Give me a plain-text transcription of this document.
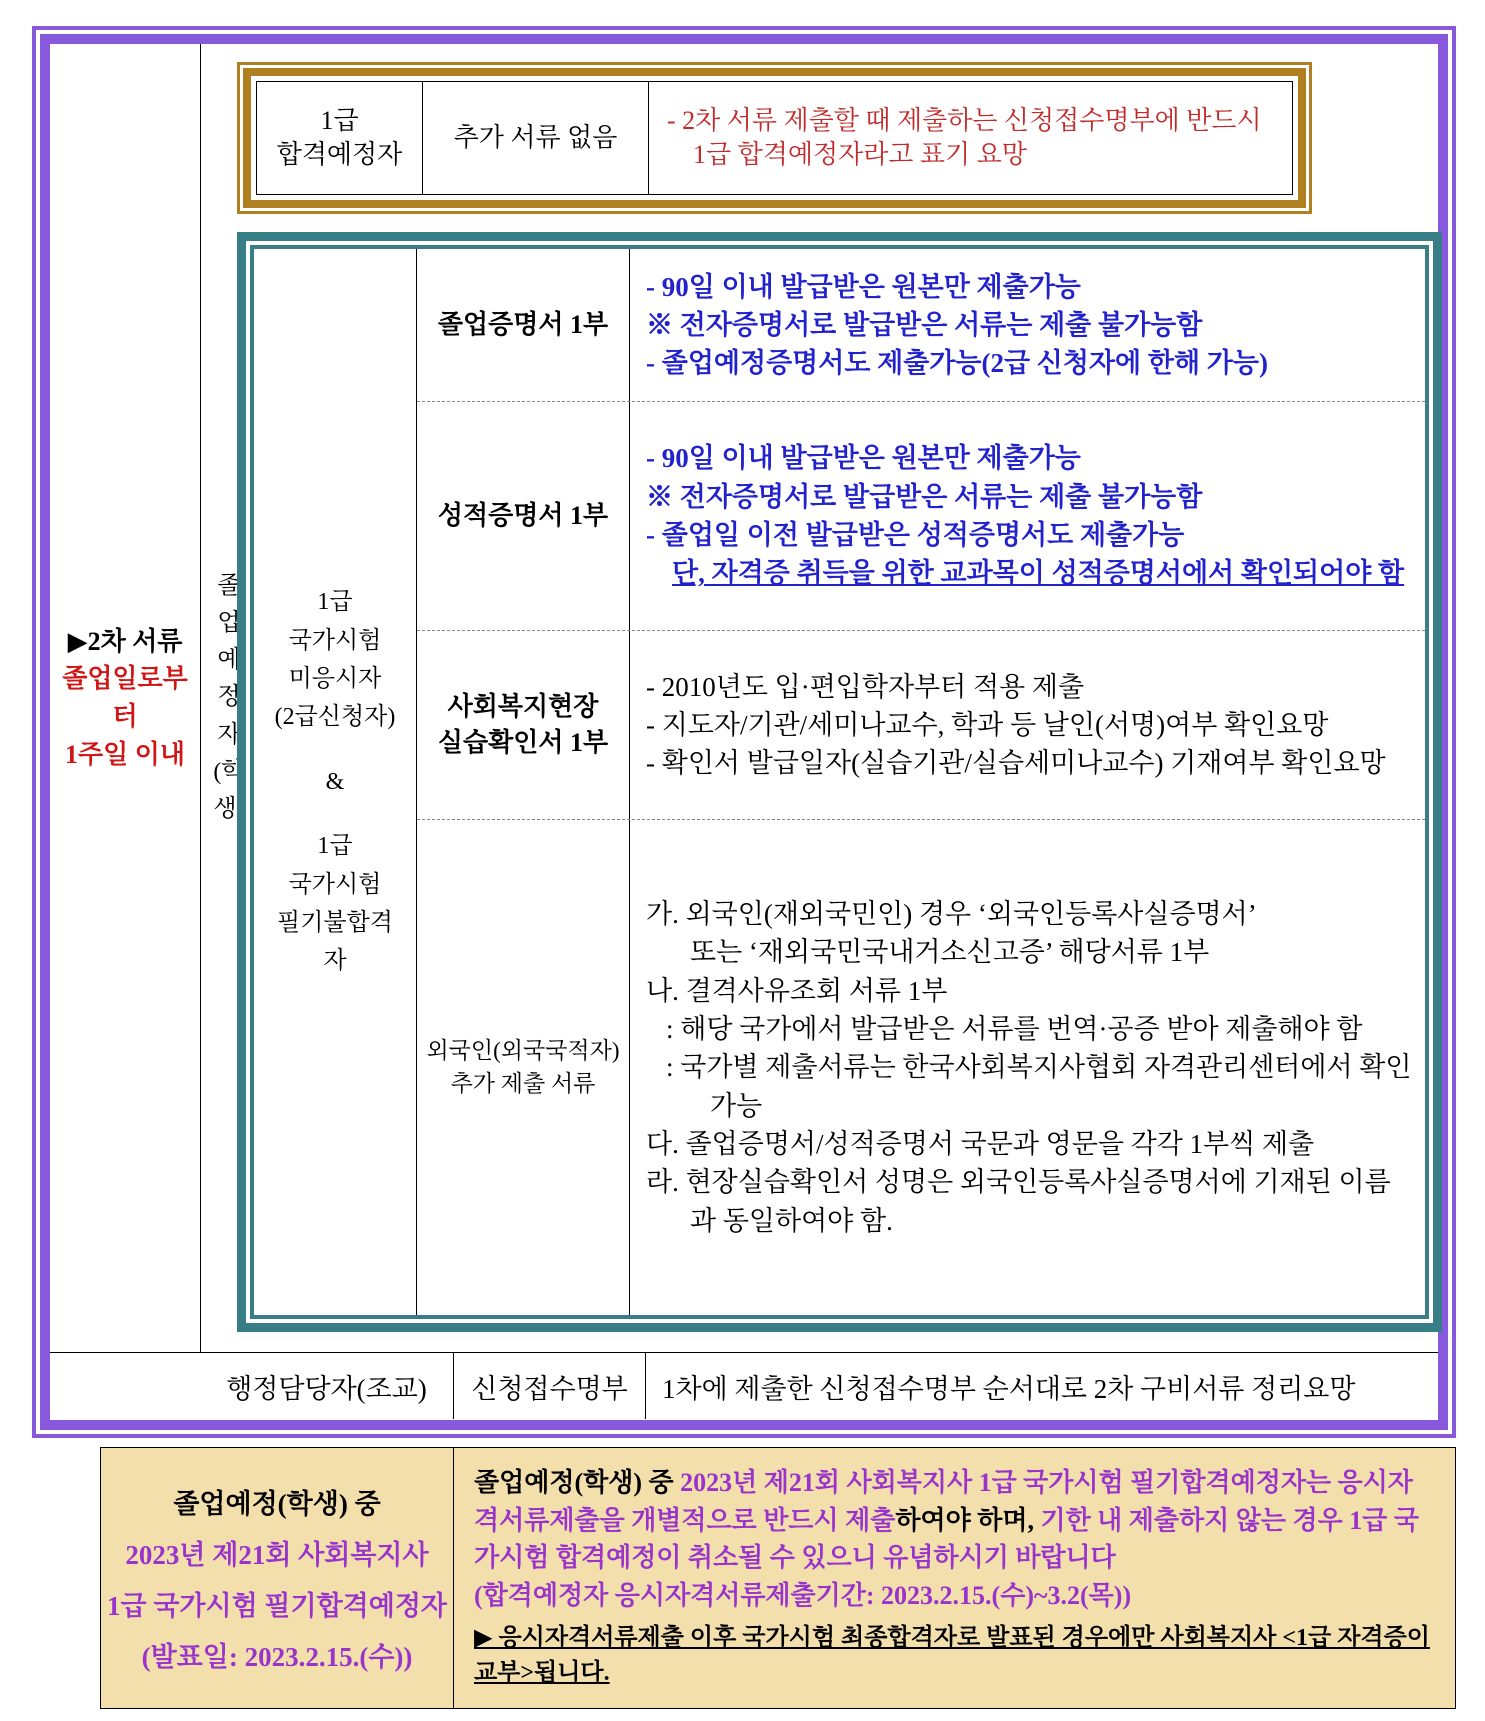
▶2차 서류
졸업일로부터
1주일 이내
졸
업
예
정
자
(학
생)
1급
합격예정자
추가 서류 없음
- 2차 서류 제출할 때 제출하는 신청접수명부에 반드시
1급 합격예정자라고 표기 요망
1급
국가시험
미응시자
(2급신청자)
&
1급
국가시험
필기불합격
자
졸업증명서 1부
- 90일 이내 발급받은 원본만 제출가능
※ 전자증명서로 발급받은 서류는 제출 불가능함
- 졸업예정증명서도 제출가능(2급 신청자에 한해 가능)
성적증명서 1부
- 90일 이내 발급받은 원본만 제출가능
※ 전자증명서로 발급받은 서류는 제출 불가능함
- 졸업일 이전 발급받은 성적증명서도 제출가능
단, 자격증 취득을 위한 교과목이 성적증명서에서 확인되어야 함
사회복지현장
실습확인서 1부
- 2010년도 입·편입학자부터 적용 제출
- 지도자/기관/세미나교수, 학과 등 날인(서명)여부 확인요망
- 확인서 발급일자(실습기관/실습세미나교수) 기재여부 확인요망
외국인(외국국적자)
추가 제출 서류
가. 외국인(재외국민인) 경우 ‘외국인등록사실증명서’
또는 ‘재외국민국내거소신고증’ 해당서류 1부
나. 결격사유조회 서류 1부
: 해당 국가에서 발급받은 서류를 번역·공증 받아 제출해야 함
: 국가별 제출서류는 한국사회복지사협회 자격관리센터에서 확인가능
다. 졸업증명서/성적증명서 국문과 영문을 각각 1부씩 제출
라. 현장실습확인서 성명은 외국인등록사실증명서에 기재된 이름과 동일하여야 함.
행정담당자(조교) 신청접수명부 1차에 제출한 신청접수명부 순서대로 2차 구비서류 정리요망
졸업예정(학생) 중
2023년 제21회 사회복지사
1급 국가시험 필기합격예정자
(발표일: 2023.2.15.(수))
졸업예정(학생) 중 2023년 제21회 사회복지사 1급 국가시험 필기합격예정자는 응시자격서류제출을 개별적으로 반드시 제출하여야 하며, 기한 내 제출하지 않는 경우 1급 국가시험 합격예정이 취소될 수 있으니 유념하시기 바랍니다
(합격예정자 응시자격서류제출기간: 2023.2.15.(수)~3.2(목))
▶ 응시자격서류제출 이후 국가시험 최종합격자로 발표된 경우에만 사회복지사 <1급 자격증이 교부>됩니다.
